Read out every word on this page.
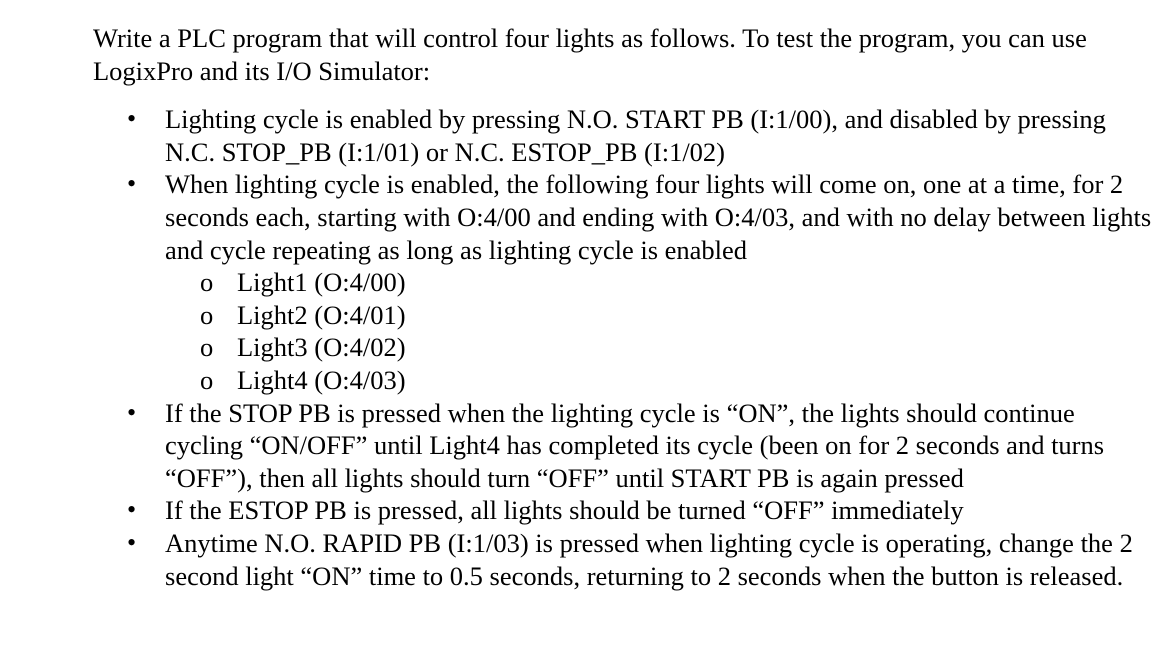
Write a PLC program that will control four lights as follows. To test the program, you can use LogixPro and its I/O Simulator:

• Lighting cycle is enabled by pressing N.O. START PB (I:1/00), and disabled by pressing N.C. STOP_PB (I:1/01) or N.C. ESTOP_PB (I:1/02)
• When lighting cycle is enabled, the following four lights will come on, one at a time, for 2 seconds each, starting with O:4/00 and ending with O:4/03, and with no delay between lights and cycle repeating as long as lighting cycle is enabled
o Light1 (O:4/00)
o Light2 (O:4/01)
o Light3 (O:4/02)
o Light4 (O:4/03)
• If the STOP PB is pressed when the lighting cycle is “ON”, the lights should continue cycling “ON/OFF” until Light4 has completed its cycle (been on for 2 seconds and turns “OFF”), then all lights should turn “OFF” until START PB is again pressed
• If the ESTOP PB is pressed, all lights should be turned “OFF” immediately
• Anytime N.O. RAPID PB (I:1/03) is pressed when lighting cycle is operating, change the 2 second light “ON” time to 0.5 seconds, returning to 2 seconds when the button is released.
